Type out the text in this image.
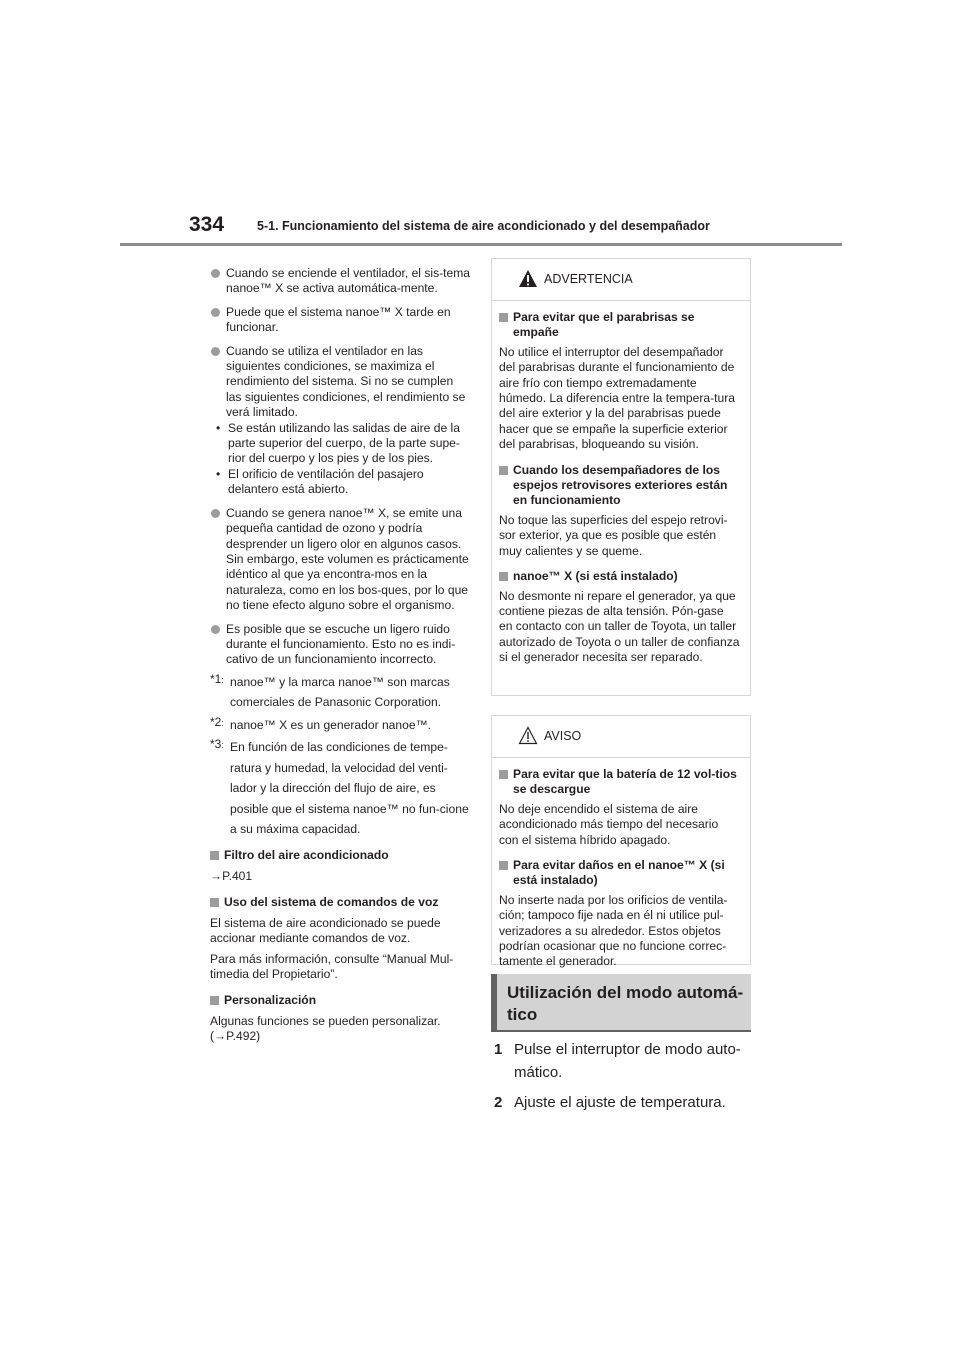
334	5-1. Funcionamiento del sistema de aire acondicionado y del desempañador
Cuando se enciende el ventilador, el sis-tema nanoe™ X se activa automática-mente.
Puede que el sistema nanoe™ X tarde en funcionar.
Cuando se utiliza el ventilador en las siguientes condiciones, se maximiza el rendimiento del sistema. Si no se cumplen las siguientes condiciones, el rendimiento se verá limitado.
• Se están utilizando las salidas de aire de la parte superior del cuerpo, de la parte supe-rior del cuerpo y los pies y de los pies.
• El orificio de ventilación del pasajero delantero está abierto.
Cuando se genera nanoe™ X, se emite una pequeña cantidad de ozono y podría desprender un ligero olor en algunos casos. Sin embargo, este volumen es prácticamente idéntico al que ya encontra-mos en la naturaleza, como en los bos-ques, por lo que no tiene efecto alguno sobre el organismo.
Es posible que se escuche un ligero ruido durante el funcionamiento. Esto no es indi-cativo de un funcionamiento incorrecto.
*1: nanoe™ y la marca nanoe™ son marcas comerciales de Panasonic Corporation.
*2: nanoe™ X es un generador nanoe™.
*3: En función de las condiciones de tempe-ratura y humedad, la velocidad del venti-lador y la dirección del flujo de aire, es posible que el sistema nanoe™ no fun-cione a su máxima capacidad.
Filtro del aire acondicionado
→P.401
Uso del sistema de comandos de voz
El sistema de aire acondicionado se puede accionar mediante comandos de voz.
Para más información, consulte “Manual Mul-timedia del Propietario”.
Personalización
Algunas funciones se pueden personalizar. (→P.492)
ADVERTENCIA
Para evitar que el parabrisas se empañe
No utilice el interruptor del desempañador del parabrisas durante el funcionamiento de aire frío con tiempo extremadamente húmedo. La diferencia entre la tempera-tura del aire exterior y la del parabrisas puede hacer que se empañe la superficie exterior del parabrisas, bloqueando su visión.
Cuando los desempañadores de los espejos retrovisores exteriores están en funcionamiento
No toque las superficies del espejo retrovi-sor exterior, ya que es posible que estén muy calientes y se queme.
nanoe™ X (si está instalado)
No desmonte ni repare el generador, ya que contiene piezas de alta tensión. Pón-gase en contacto con un taller de Toyota, un taller autorizado de Toyota o un taller de confianza si el generador necesita ser reparado.
AVISO
Para evitar que la batería de 12 vol-tios se descargue
No deje encendido el sistema de aire acondicionado más tiempo del necesario con el sistema híbrido apagado.
Para evitar daños en el nanoe™ X (si está instalado)
No inserte nada por los orificios de ventila-ción; tampoco fije nada en él ni utilice pul-verizadores a su alrededor. Estos objetos podrían ocasionar que no funcione correc-tamente el generador.
Utilización del modo automá-tico
1 Pulse el interruptor de modo auto-mático.
2 Ajuste el ajuste de temperatura.
